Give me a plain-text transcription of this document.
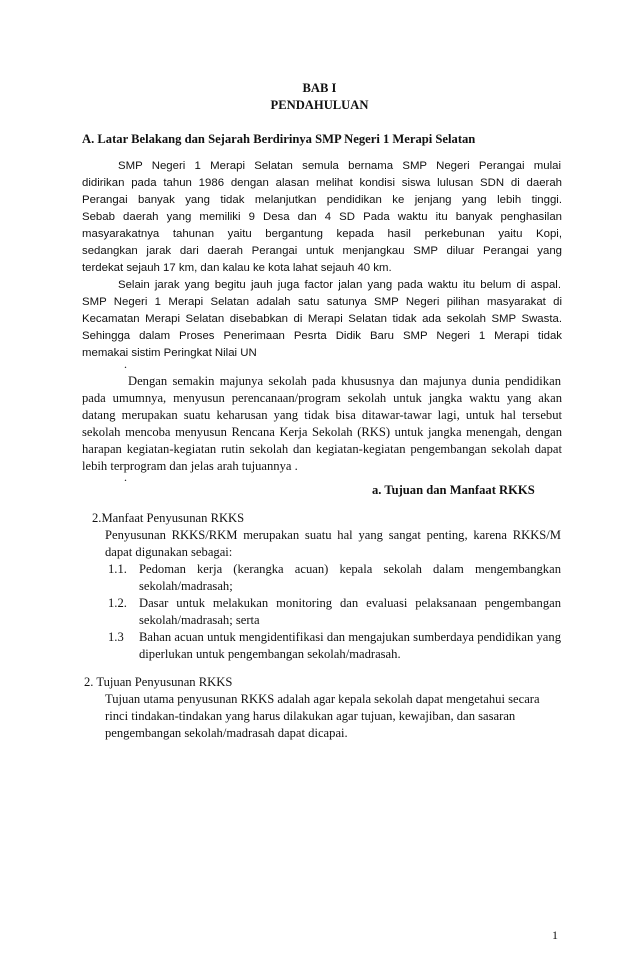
BAB I
PENDAHULUAN
A. Latar Belakang dan Sejarah Berdirinya SMP Negeri 1 Merapi Selatan
SMP Negeri 1 Merapi Selatan semula bernama SMP Negeri Perangai mulai
didirikan pada tahun 1986 dengan alasan melihat kondisi siswa lulusan SDN di daerah
Perangai banyak yang tidak melanjutkan pendidikan ke jenjang yang lebih tinggi.
Sebab daerah yang memiliki 9 Desa dan 4 SD Pada waktu itu banyak penghasilan
masyarakatnya tahunan yaitu bergantung kepada hasil perkebunan yaitu Kopi,
sedangkan jarak dari daerah Perangai untuk menjangkau SMP diluar Perangai yang
terdekat sejauh 17 km, dan kalau ke kota lahat sejauh 40 km.
Selain jarak yang begitu jauh juga factor jalan yang pada waktu itu belum di aspal.
SMP Negeri 1 Merapi Selatan adalah satu satunya SMP Negeri pilihan masyarakat di
Kecamatan Merapi Selatan disebabkan di Merapi Selatan tidak ada sekolah SMP Swasta.
Sehingga dalam Proses Penerimaan Pesrta Didik Baru SMP Negeri 1 Merapi tidak
memakai sistim Peringkat Nilai UN
.
Dengan semakin majunya sekolah pada khususnya dan majunya dunia pendidikan
pada umumnya, menyusun perencanaan/program sekolah untuk jangka waktu yang akan
datang merupakan suatu keharusan yang tidak bisa ditawar-tawar lagi, untuk hal tersebut
sekolah mencoba menyusun Rencana Kerja Sekolah (RKS) untuk jangka menengah, dengan
harapan kegiatan-kegiatan rutin sekolah dan kegiatan-kegiatan pengembangan sekolah dapat
lebih terprogram dan jelas arah tujuannya .
.
a. Tujuan dan Manfaat RKKS
2.Manfaat Penyusunan RKKS
Penyusunan RKKS/RKM merupakan suatu hal yang sangat penting, karena RKKS/M
dapat digunakan sebagai:
1.1. Pedoman kerja (kerangka acuan) kepala sekolah dalam mengembangkan
sekolah/madrasah;
1.2. Dasar untuk melakukan monitoring dan evaluasi pelaksanaan pengembangan
sekolah/madrasah; serta
1.3	Bahan acuan untuk mengidentifikasi dan mengajukan sumberdaya pendidikan yang
diperlukan untuk pengembangan sekolah/madrasah.
2. Tujuan Penyusunan RKKS
Tujuan utama penyusunan RKKS adalah agar kepala sekolah dapat mengetahui secara
rinci tindakan-tindakan yang harus dilakukan agar tujuan, kewajiban, dan sasaran
pengembangan sekolah/madrasah dapat dicapai.
1
